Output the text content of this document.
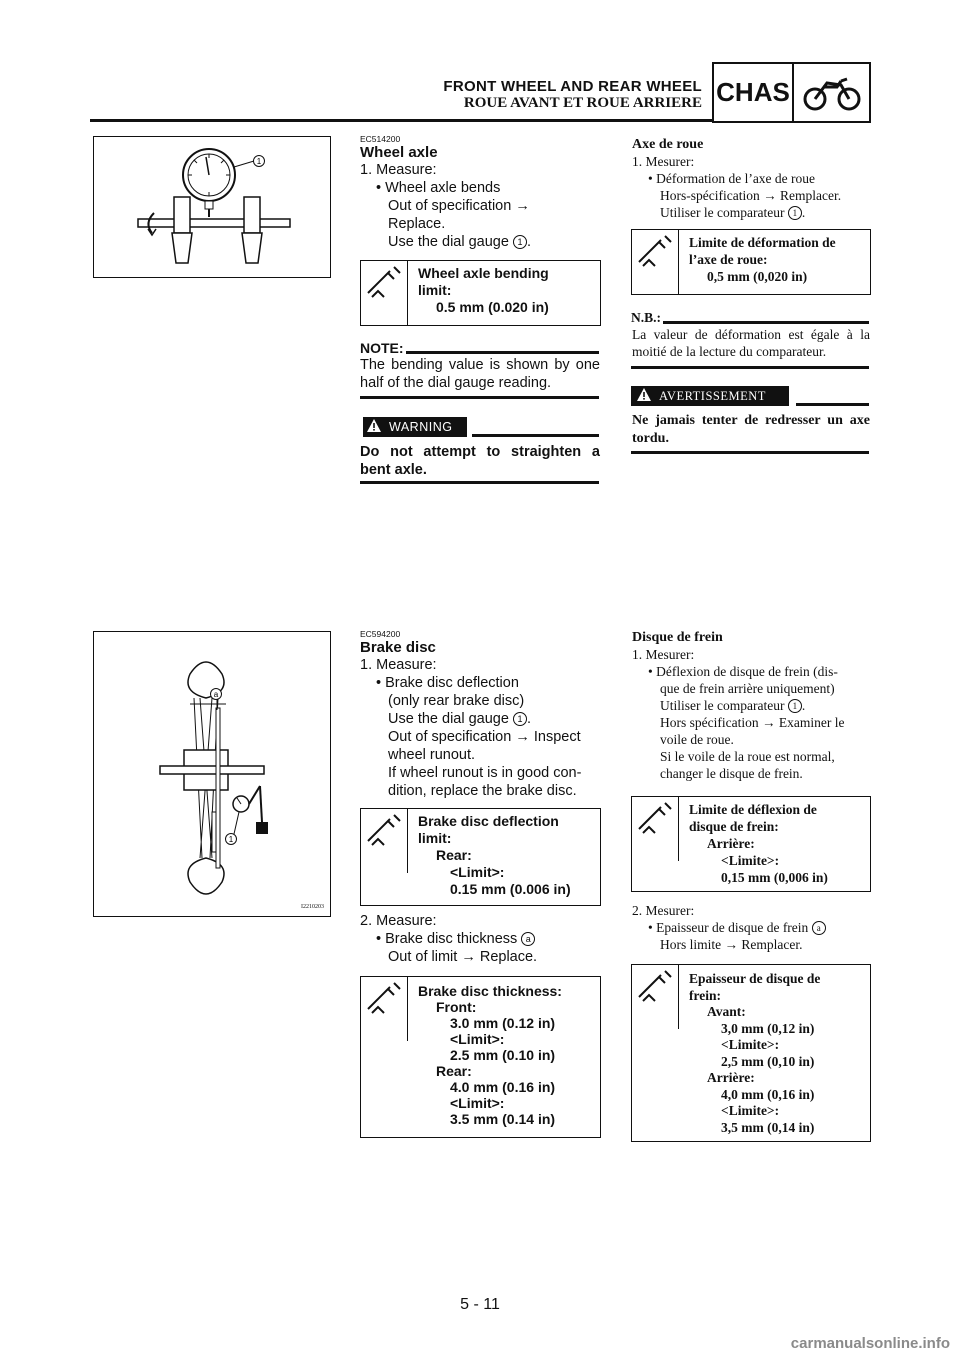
FRONT WHEEL AND REAR WHEEL
ROUE AVANT ET ROUE ARRIERE CHAS
1
EC514200
Wheel axle
1. Measure:
• Wheel axle bends
Out of specification →
Replace.
Use the dial gauge 1 .
Wheel axle bending
limit:
0.5 mm (0.020 in)
NOTE:
The bending value is shown by one half of the dial gauge reading.
WARNING
Do not attempt to straighten a bent axle.
Axe de roue
1. Mesurer:
• Déformation de l’axe de roue
Hors-spécification → Remplacer.
Utiliser le comparateur 1 .
Limite de déformation de
l’axe de roue:
0,5 mm (0,020 in)
N.B.:
La valeur de déformation est égale à la moitié de la lecture du comparateur.
AVERTISSEMENT
Ne jamais tenter de redresser un axe tordu.
a
1
I2210203
EC594200
Brake disc
1. Measure:
• Brake disc deflection
(only rear brake disc)
Use the dial gauge 1 .
Out of specification → Inspect
wheel runout.
If wheel runout is in good con-
dition, replace the brake disc.
Brake disc deflection
limit:
Rear:
<Limit>:
0.15 mm (0.006 in)
2. Measure:
• Brake disc thickness a
Out of limit → Replace.
Brake disc thickness:
Front:
3.0 mm (0.12 in)
<Limit>:
2.5 mm (0.10 in)
Rear:
4.0 mm (0.16 in)
<Limit>:
3.5 mm (0.14 in)
Disque de frein
1. Mesurer:
• Déflexion de disque de frein (dis-
que de frein arrière uniquement)
Utiliser le comparateur 1 .
Hors spécification → Examiner le
voile de roue.
Si le voile de la roue est normal,
changer le disque de frein.
Limite de déflexion de
disque de frein:
Arrière:
<Limite>:
0,15 mm (0,006 in)
2. Mesurer:
• Epaisseur de disque de frein a
Hors limite → Remplacer.
Epaisseur de disque de
frein:
Avant:
3,0 mm (0,12 in)
<Limite>:
2,5 mm (0,10 in)
Arrière:
4,0 mm (0,16 in)
<Limite>:
3,5 mm (0,14 in)
5 - 11
carmanualsonline.info
